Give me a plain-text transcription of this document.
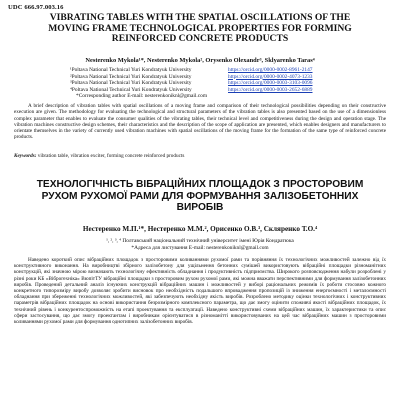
UDC 666.97.003.16
VIBRATING TABLES WITH THE SPATIAL OSCILLATIONS OF THE MOVING FRAME TECHNOLOGICAL PROPERTIES FOR FORMING REINFORCED CONCRETE PRODUCTS
Nesterenko Mykola¹*, Nesterenko Mykola², Orysenko Olexandr³, Sklyarenko Taras⁴
¹Poltava National Technical Yuri Kondratyuk University	https://orcid.org/0000-0002-8961-2147
²Poltava National Technical Yuri Kondratyuk University	https://orcid.org/0000-0002-4073-1233
³Poltava National Technical Yuri Kondratyuk University	https://orcid.org/0000-0003-3103-0096
⁴Poltava National Technical Yuri Kondratyuk University	https://orcid.org/0000-0003-2652-6889
*Corresponding author E-mail: nesterenkoniknl@gmail.com
A brief description of vibration tables with spatial oscillations of a moving frame and comparison of their technological possibilities depending on their constructive execution are given. The methodology for evaluating the technological and structural parameters of the vibration tables is also presented based on the use of a dimensionless complex parameter that enables to evaluate the consumer qualities of the vibrating tables, their technical level and competitiveness during the design and operation stage. The vibration machines constructive design schemes, their characteristics and the description of the scope of application are presented, which enables designers and manufacturers to orientate themselves in the variety of currently used vibration machines with spatial oscillations of the moving frame for the formation of the same type of reinforced concrete products.
Keywords: vibration table, vibration exciter, forming concrete reinforced products
ТЕХНОЛОГІЧНІСТЬ ВІБРАЦІЙНИХ ПЛОЩАДОК З ПРОСТОРОВИМ РУХОМ РУХОМОЇ РАМИ ДЛЯ ФОРМУВАННЯ ЗАЛІЗОБЕТОННИХ ВИРОБІВ
Нестеренко М.П.¹*, Нестеренко М.М.², Орисенко О.В.³, Скляренко Т.О.⁴
¹, ², ³, ⁴ Полтавський національний технічний університет імені Юрія Кондратюка
*Адреса для листування E-mail: nesterenkoniknl@gmail.com
Наведено короткий опис вібраційних площадок з просторовими коливаннями рухомої рами та порівняння їх технологічних можливостей залежно від їх конструктивного виконання. На виробництві збірного залізобетону для ущільнення бетонних сумішей використовують вібраційні площадки різноманітних конструкцій, які значною мірою визначають технологічну ефективність обладнання і продуктивність підприємства. Широкого розповсюдження набули розроблені у різні роки КБ «Віброгехніка» ВюпітТУ вібраційні площадки з просторовим рухом рухомої рами, які можна вважати перспективними для формування залізобетонних виробів. Проведений детальний аналіз існуючих конструкцій вібраційних машин і можливостей у виборі раціональних режимів їх роботи стосовно кожного конкретного типорозміру виробу дозволяє зробити висновок про необхідність подальшого впровадження пропозицій із зниження енергоємності і металоємності обладнання при збереженні технологічних можливостей, які забезпечують необхідну якість виробів. Розроблено методику оцінки технологічних і конструктивних параметрів вібраційних площадок на основі використання безрозмірного комплексного параметра, що дає змогу оцінити споживчі якості вібраційних площадок, їх технічний рівень і конкурентоспроможність на етапі проектування та експлуатації. Наведено конструктивні схеми вібраційних машин, їх характеристики та опис сфери застосування, що дає змогу проектантам і виробникам орієнтуватися в різноманітті використовуваних на цей час вібраційних машин з просторовими коливаннями рухомої рами для формування однотипних залізобетонних виробів.
